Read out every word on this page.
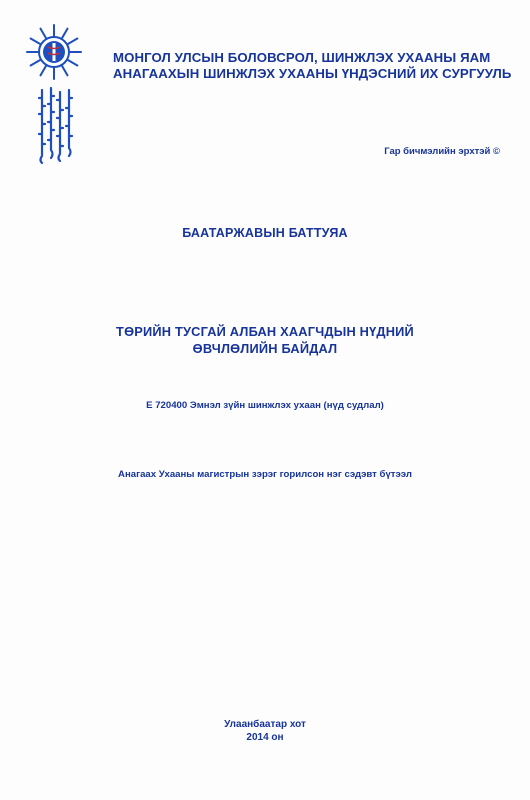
МОНГОЛ УЛСЫН БОЛОВСРОЛ, ШИНЖЛЭХ УХААНЫ ЯАМ
АНАГААХЫН ШИНЖЛЭХ УХААНЫ ҮНДЭСНИЙ ИХ СУРГУУЛЬ
Гар бичмэлийн эрхтэй ©
БААТАРЖАВЫН БАТТУЯА
ТӨРИЙН ТУСГАЙ АЛБАН ХААГЧДЫН НҮДНИЙ
ӨВЧЛӨЛИЙН БАЙДАЛ
Е 720400 Эмнэл зүйн шинжлэх ухаан (нүд судлал)
Анагаах Ухааны магистрын зэрэг горилсон нэг сэдэвт бүтээл
Улаанбаатар хот
2014 он
